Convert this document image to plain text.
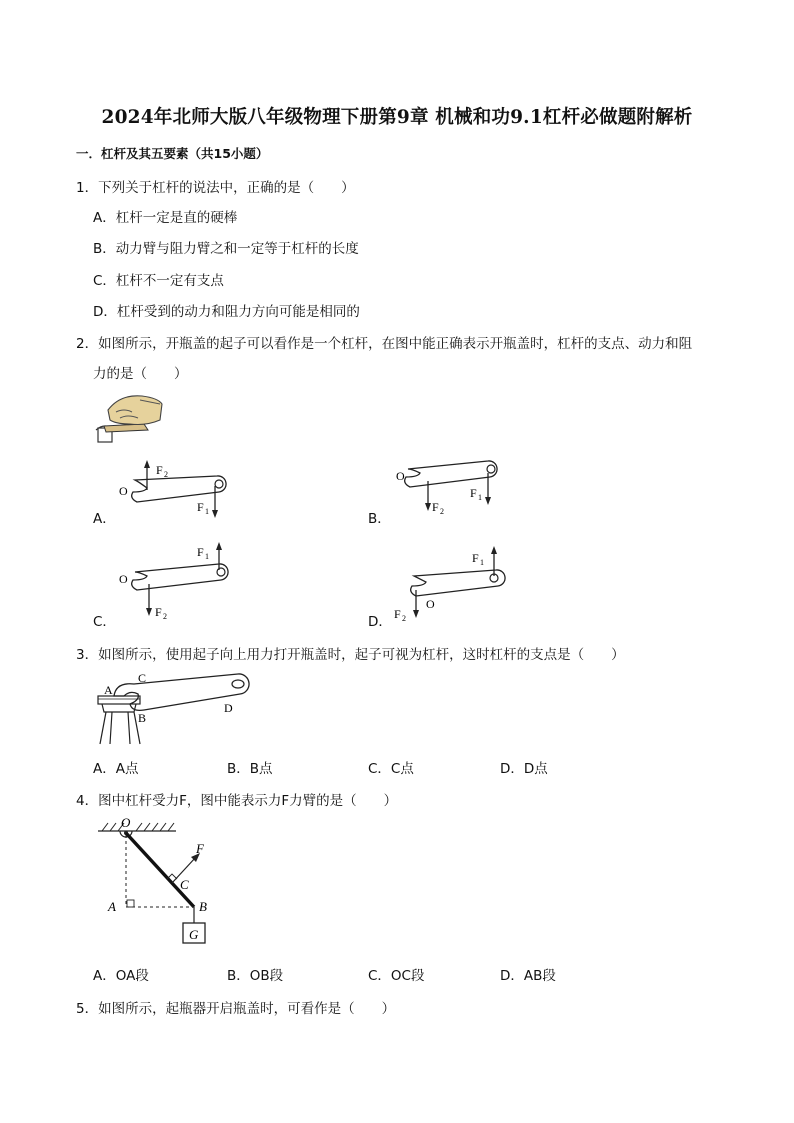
2024年北师大版八年级物理下册第9章 机械和功9.1杠杆必做题附解析
一．杠杆及其五要素（共15小题）
1．下列关于杠杆的说法中，正确的是（　　）
A．杠杆一定是直的硬棒
B．动力臂与阻力臂之和一定等于杠杆的长度
C．杠杆不一定有支点
D．杠杆受到的动力和阻力方向可能是相同的
2．如图所示，开瓶盖的起子可以看作是一个杠杆，在图中能正确表示开瓶盖时，杠杆的支点、动力和阻
力的是（　　）
A．
O
F 2
F 1	B．
O
F 2
F 1
C．
O
F 1
F 2	D．
O
F 1
F 2
3．如图所示，使用起子向上用力打开瓶盖时，起子可视为杠杆，这时杠杆的支点是（　　）
A
C
B
D
A．A点	B．B点	C．C点	D．D点
4．图中杠杆受力F，图中能表示力F力臂的是（　　）
O
F
C
A	B
G
A．OA段	B．OB段	C．OC段	D．AB段
5．如图所示，起瓶器开启瓶盖时，可看作是（　　）
